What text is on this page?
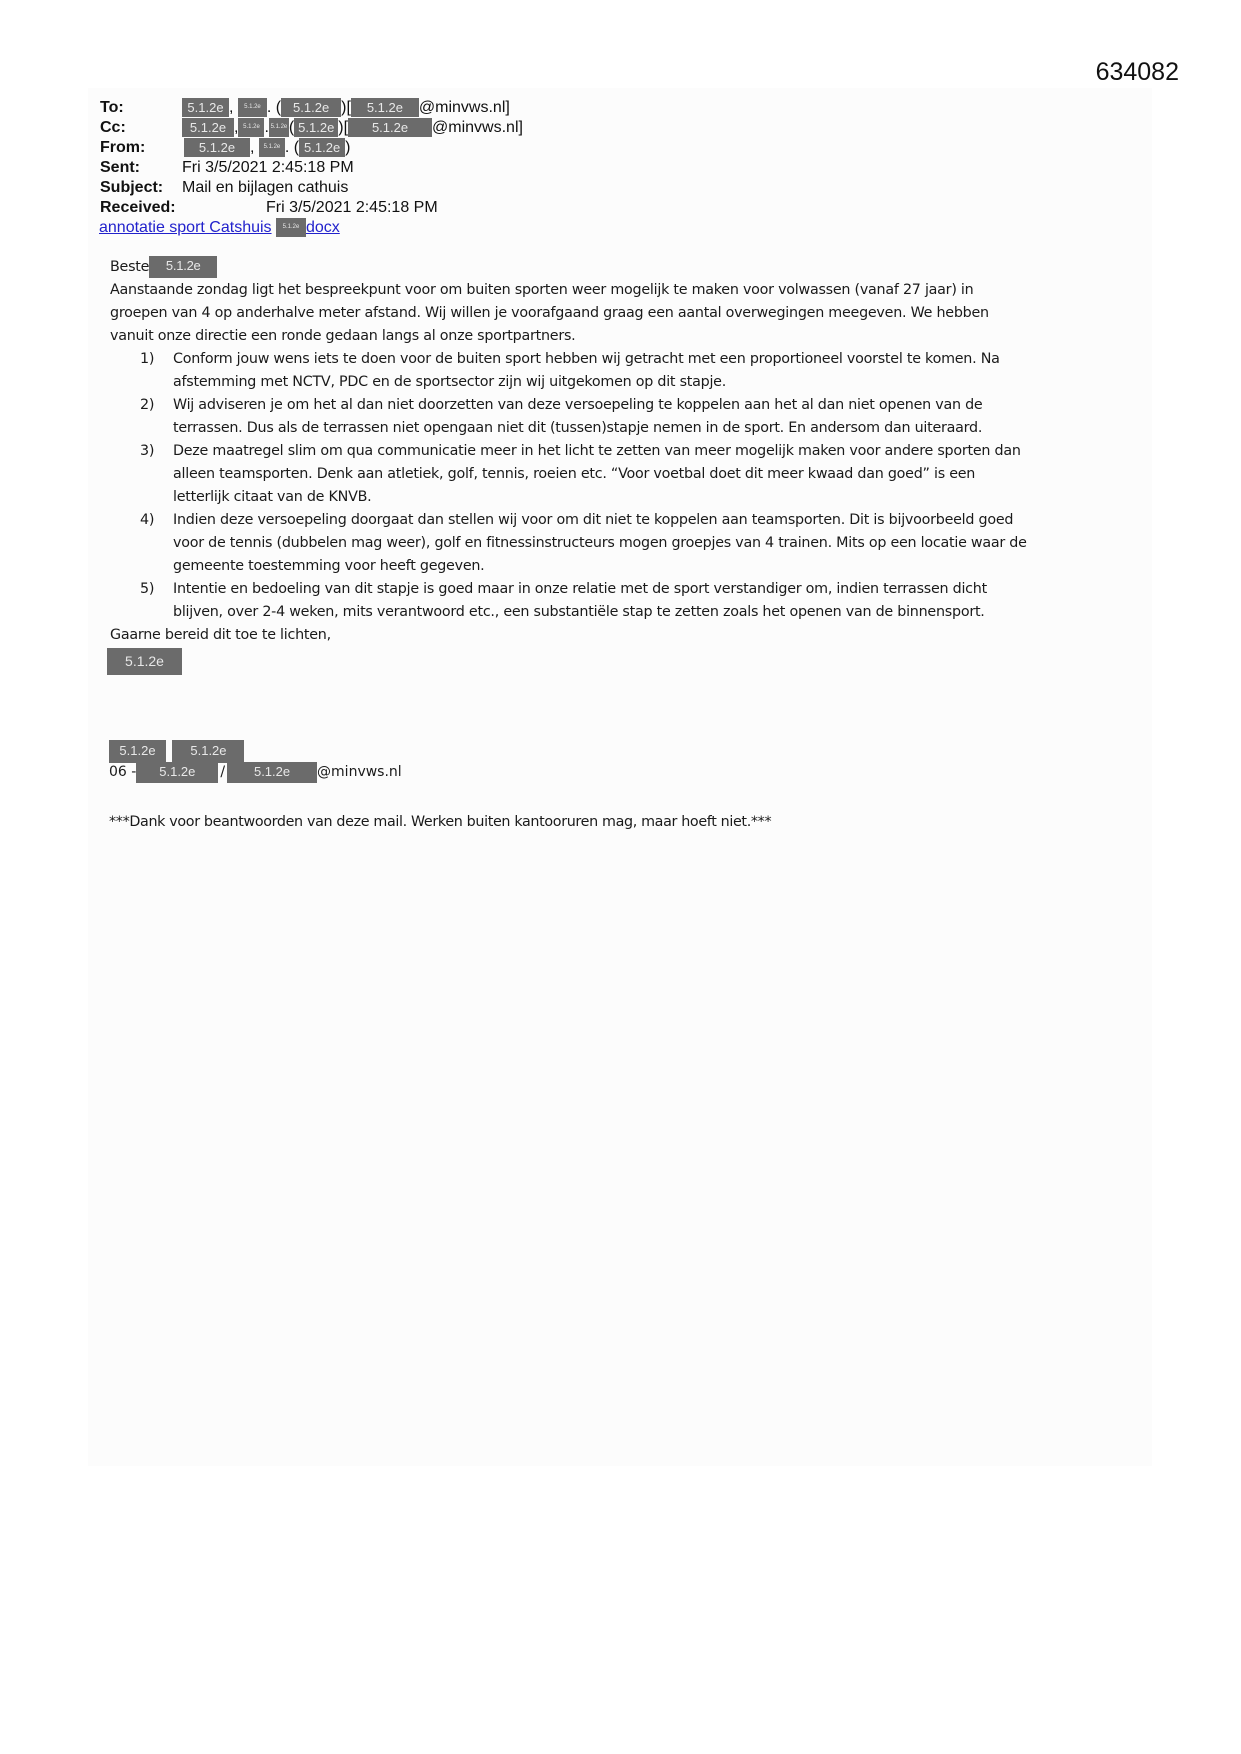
634082
To:	5.1.2e , 5.1.2e . ( 5.1.2e )[ 5.1.2e @minvws.nl]
Cc:	5.1.2e , 5.1.2e . 5.1.2e ( 5.1.2e )[ 5.1.2e @minvws.nl]
From:	5.1.2e , 5.1.2e . ( 5.1.2e )
Sent:	Fri 3/5/2021 2:45:18 PM
Subject: Mail en bijlagen cathuis
Received:	Fri 3/5/2021 2:45:18 PM
annotatie sport Catshuis 5.1.2e docx
Beste 5.1.2e
Aanstaande zondag ligt het bespreekpunt voor om buiten sporten weer mogelijk te maken voor volwassen (vanaf 27 jaar) in
groepen van 4 op anderhalve meter afstand. Wij willen je voorafgaand graag een aantal overwegingen meegeven. We hebben
vanuit onze directie een ronde gedaan langs al onze sportpartners.
1) Conform jouw wens iets te doen voor de buiten sport hebben wij getracht met een proportioneel voorstel te komen. Na
afstemming met NCTV, PDC en de sportsector zijn wij uitgekomen op dit stapje.
2) Wij adviseren je om het al dan niet doorzetten van deze versoepeling te koppelen aan het al dan niet openen van de
terrassen. Dus als de terrassen niet opengaan niet dit (tussen)stapje nemen in de sport. En andersom dan uiteraard.
3) Deze maatregel slim om qua communicatie meer in het licht te zetten van meer mogelijk maken voor andere sporten dan
alleen teamsporten. Denk aan atletiek, golf, tennis, roeien etc. “Voor voetbal doet dit meer kwaad dan goed” is een
letterlijk citaat van de KNVB.
4) Indien deze versoepeling doorgaat dan stellen wij voor om dit niet te koppelen aan teamsporten. Dit is bijvoorbeeld goed
voor de tennis (dubbelen mag weer), golf en fitnessinstructeurs mogen groepjes van 4 trainen. Mits op een locatie waar de
gemeente toestemming voor heeft gegeven.
5) Intentie en bedoeling van dit stapje is goed maar in onze relatie met de sport verstandiger om, indien terrassen dicht
blijven, over 2-4 weken, mits verantwoord etc., een substantiële stap te zetten zoals het openen van de binnensport.
Gaarne bereid dit toe te lichten,
5.1.2e
5.1.2e	5.1.2e
06 - 5.1.2e / 5.1.2e @minvws.nl
***Dank voor beantwoorden van deze mail. Werken buiten kantooruren mag, maar hoeft niet.***
